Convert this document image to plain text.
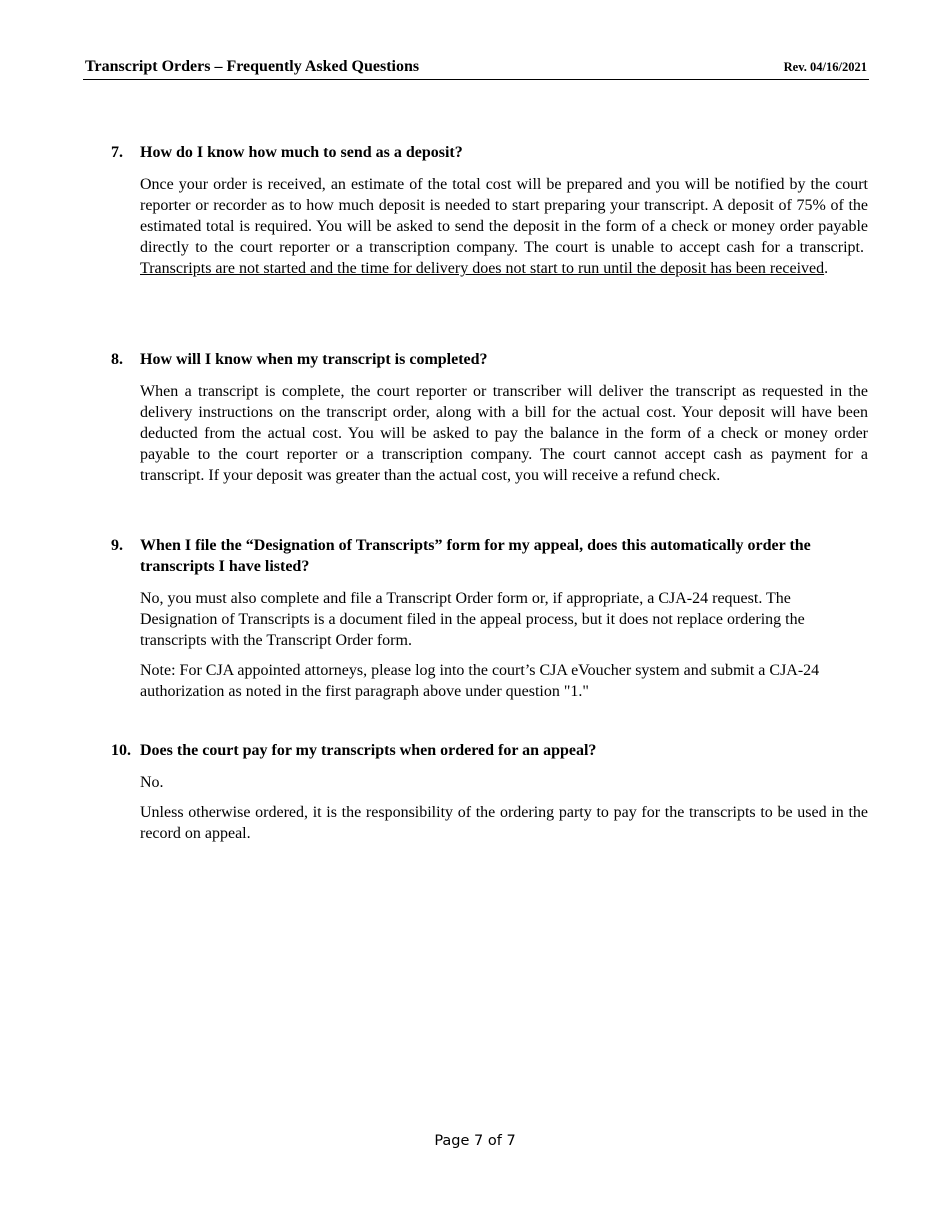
Transcript Orders – Frequently Asked Questions	Rev. 04/16/2021
7. How do I know how much to send as a deposit?
Once your order is received, an estimate of the total cost will be prepared and you will be notified by the court reporter or recorder as to how much deposit is needed to start preparing your transcript. A deposit of 75% of the estimated total is required. You will be asked to send the deposit in the form of a check or money order payable directly to the court reporter or a transcription company. The court is unable to accept cash for a transcript.  Transcripts are not started and the time for delivery does not start to run until the deposit has been received.
8. How will I know when my transcript is completed?
When a transcript is complete, the court reporter or transcriber will deliver the transcript as requested in the delivery instructions on the transcript order, along with a bill for the actual cost. Your deposit will have been deducted from the actual cost. You will be asked to pay the balance in the form of a check or money order payable to the court reporter or a transcription company. The court cannot accept cash as payment for a transcript. If your deposit was greater than the actual cost, you will receive a refund check.
9. When I file the “Designation of Transcripts” form for my appeal, does this automatically order the transcripts I have listed?
No, you must also complete and file a Transcript Order form or, if appropriate, a CJA-24 request. The Designation of Transcripts is a document filed in the appeal process, but it does not replace ordering the transcripts with the Transcript Order form.
Note: For CJA appointed attorneys, please log into the court’s CJA eVoucher system and submit a CJA-24 authorization as noted in the first paragraph above under question "1."
10. Does the court pay for my transcripts when ordered for an appeal?
No.
Unless otherwise ordered, it is the responsibility of the ordering party to pay for the transcripts to be used in the record on appeal.
Page 7 of 7
